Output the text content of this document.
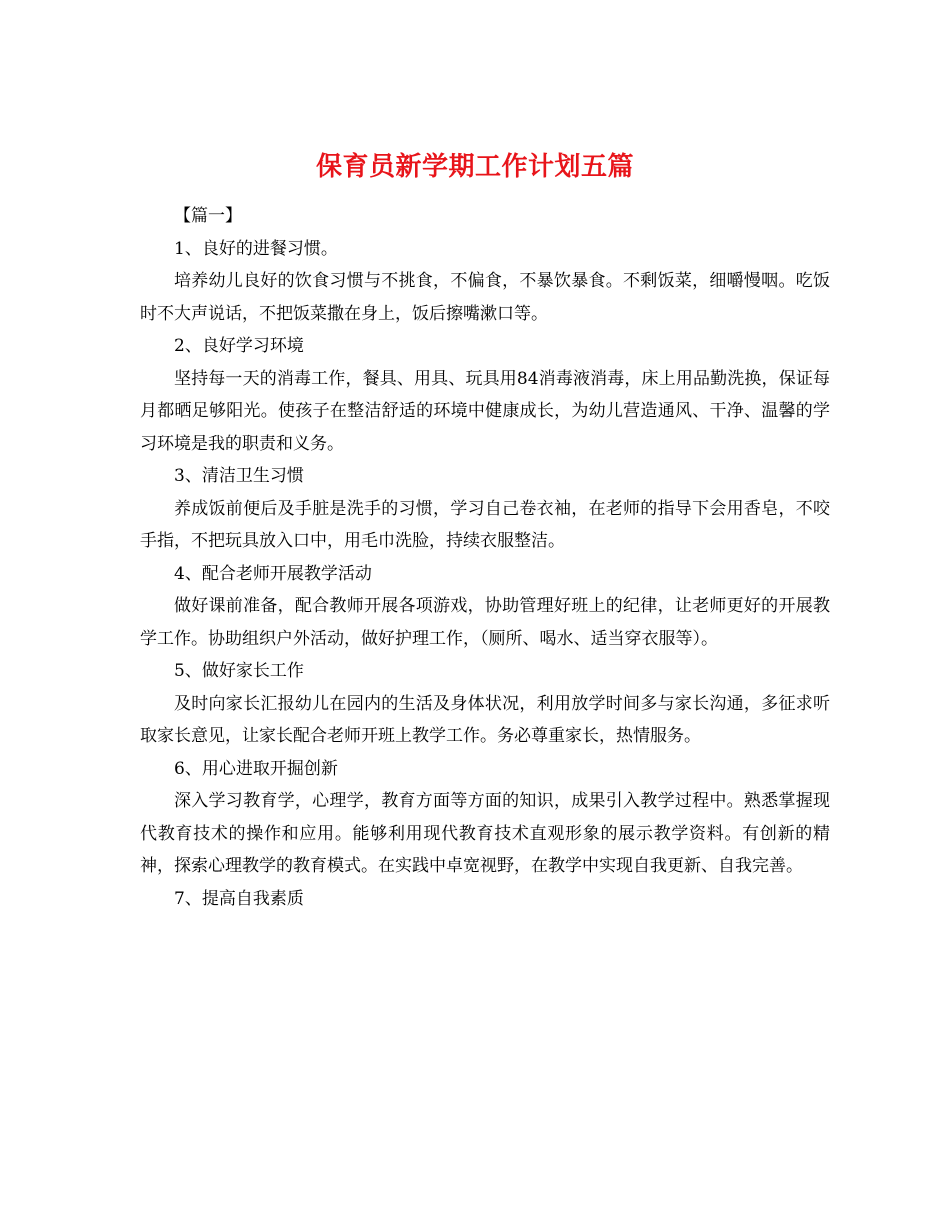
保育员新学期工作计划五篇

【篇一】

1、良好的进餐习惯。

培养幼儿良好的饮食习惯与不挑食，不偏食，不暴饮暴食。不剩饭菜，细嚼慢咽。吃饭时不大声说话，不把饭菜撒在身上，饭后擦嘴漱口等。

2、良好学习环境

坚持每一天的消毒工作，餐具、用具、玩具用84消毒液消毒，床上用品勤洗换，保证每月都晒足够阳光。使孩子在整洁舒适的环境中健康成长，为幼儿营造通风、干净、温馨的学习环境是我的职责和义务。

3、清洁卫生习惯

养成饭前便后及手脏是洗手的习惯，学习自己卷衣袖，在老师的指导下会用香皂，不咬手指，不把玩具放入口中，用毛巾洗脸，持续衣服整洁。

4、配合老师开展教学活动

做好课前准备，配合教师开展各项游戏，协助管理好班上的纪律，让老师更好的开展教学工作。协助组织户外活动，做好护理工作，（厕所、喝水、适当穿衣服等）。

5、做好家长工作

及时向家长汇报幼儿在园内的生活及身体状况，利用放学时间多与家长沟通，多征求听取家长意见，让家长配合老师开班上教学工作。务必尊重家长，热情服务。

6、用心进取开掘创新

深入学习教育学，心理学，教育方面等方面的知识，成果引入教学过程中。熟悉掌握现代教育技术的操作和应用。能够利用现代教育技术直观形象的展示教学资料。有创新的精神，探索心理教学的教育模式。在实践中卓宽视野，在教学中实现自我更新、自我完善。

7、提高自我素质
